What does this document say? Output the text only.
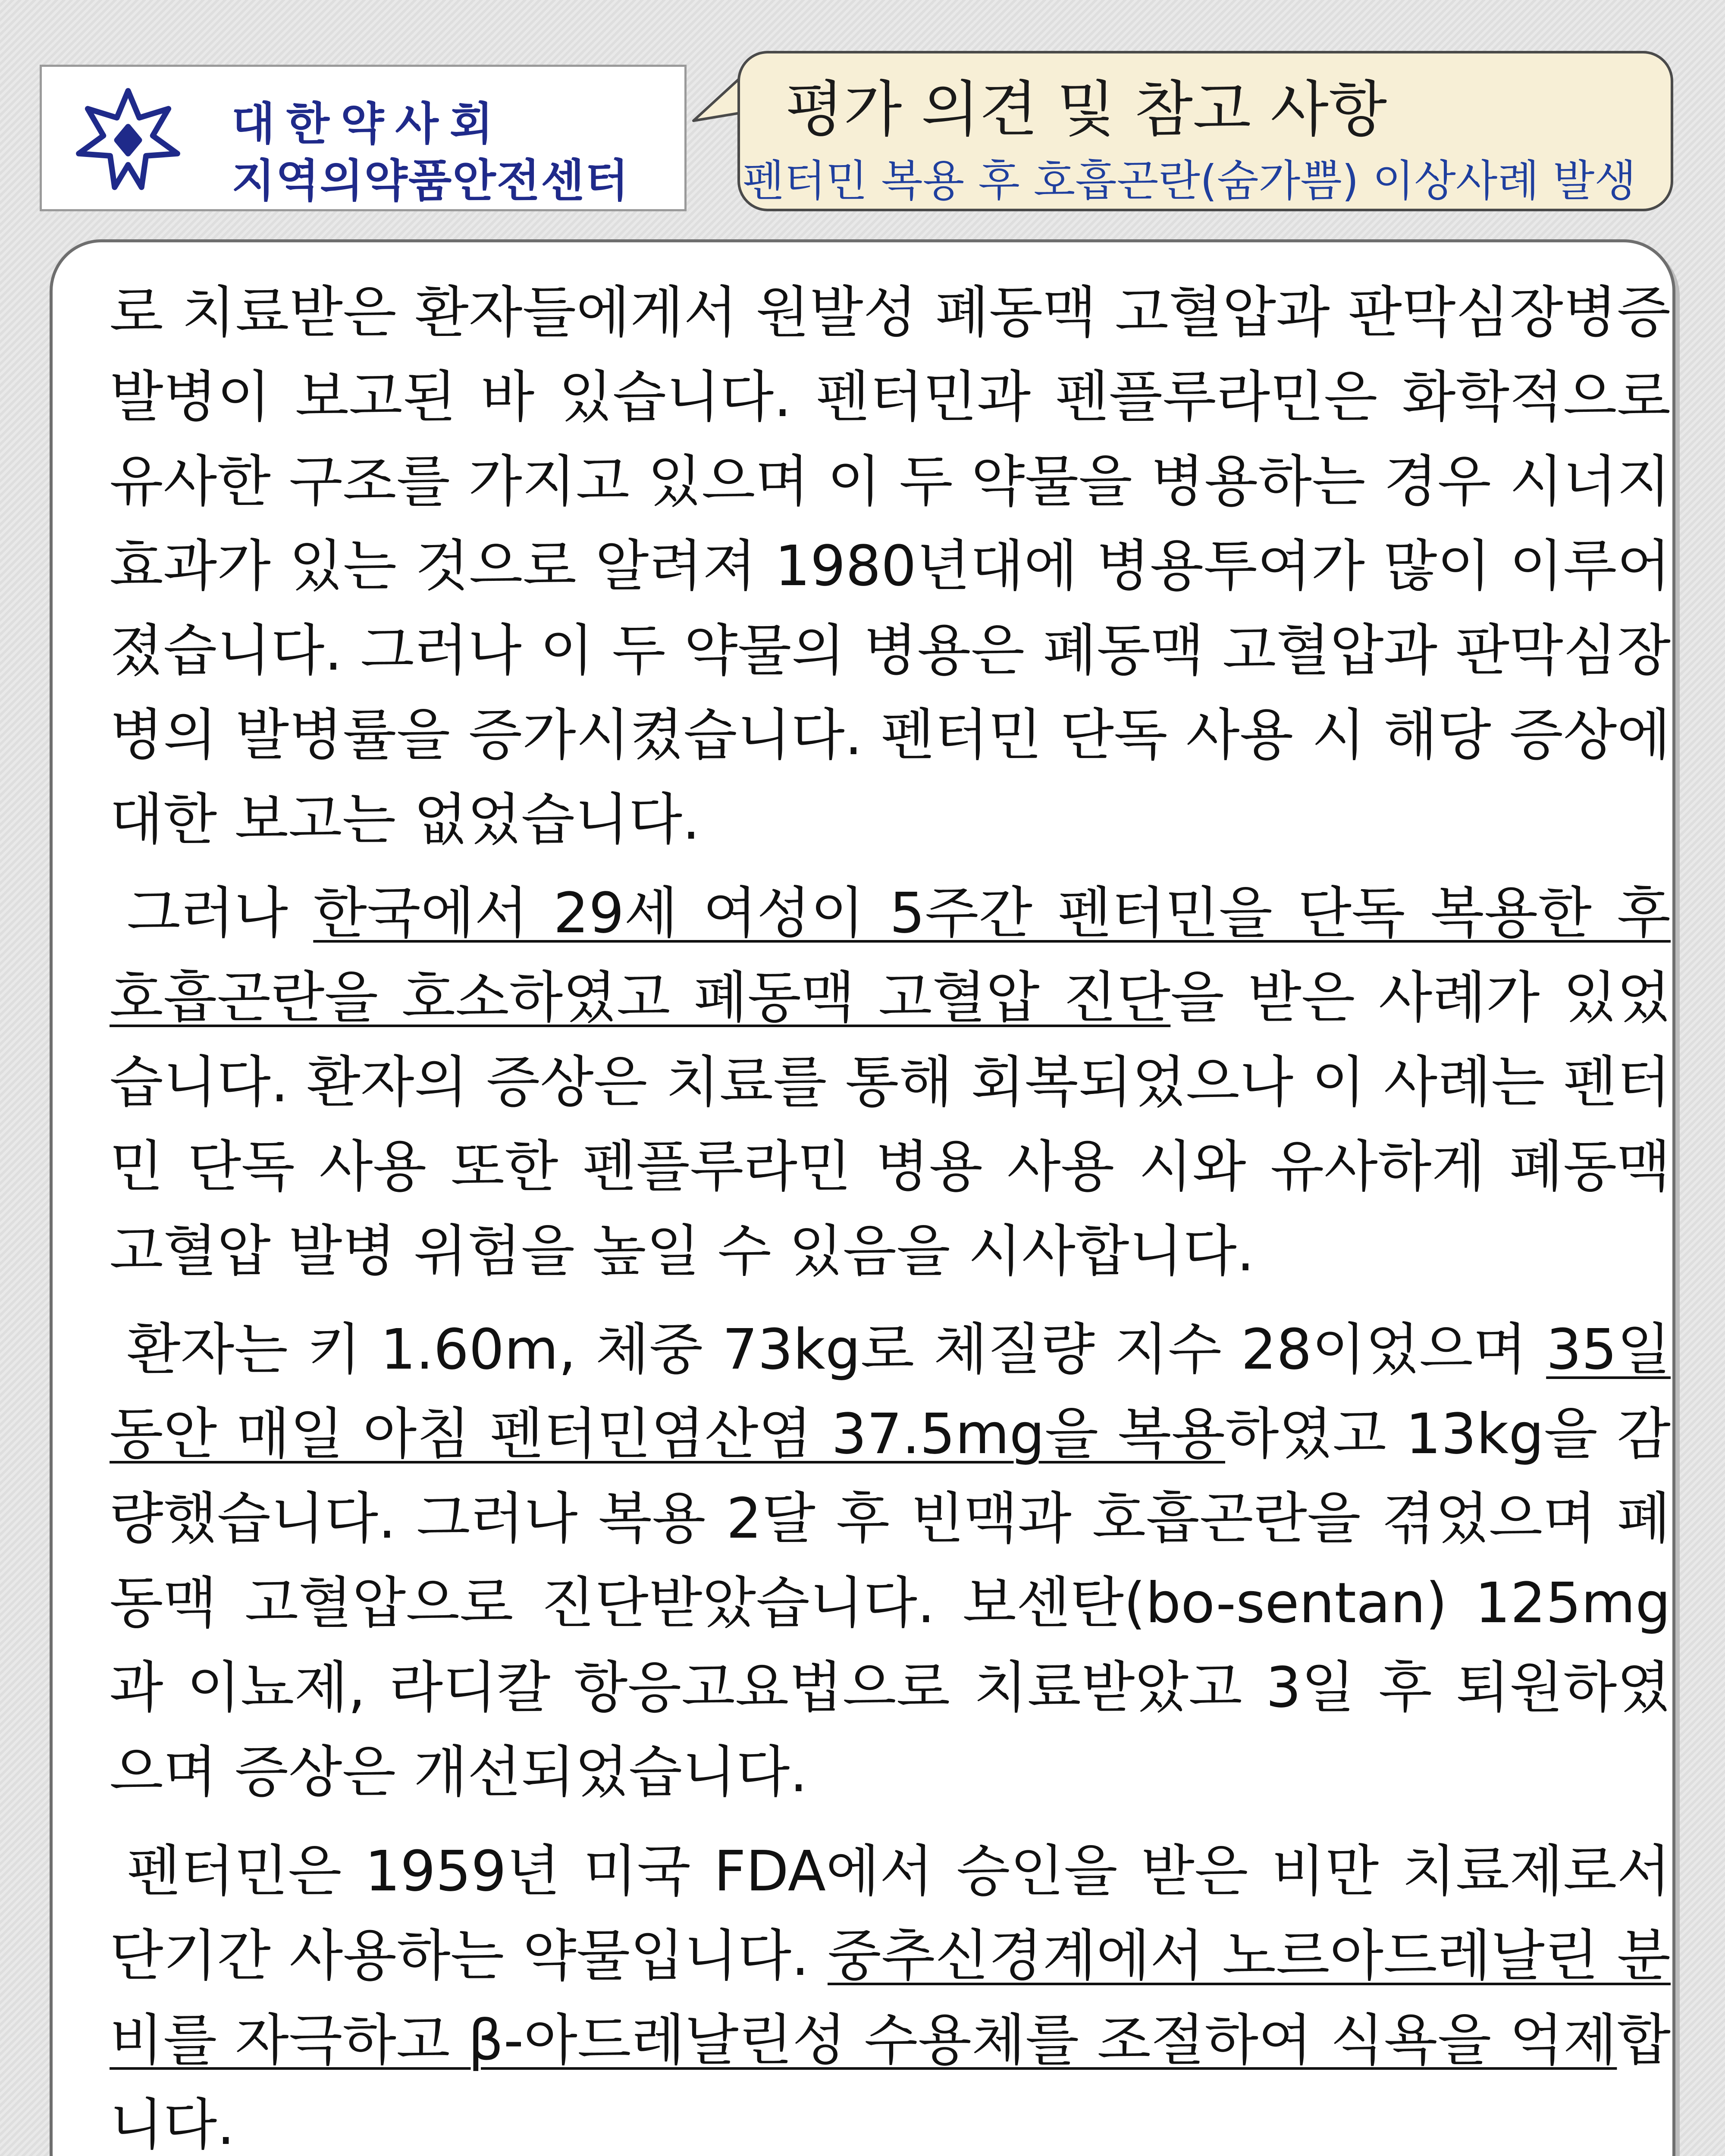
대한약사회
지역의약품안전센터
평가 의견 및 참고 사항
펜터민 복용 후 호흡곤란(숨가쁨) 이상사례 발생
로 치료받은 환자들에게서 원발성 폐동맥 고혈압과 판막심장병증 발병이 보고된 바 있습니다. 펜터민과 펜플루라민은 화학적으로 유사한 구조를 가지고 있으며 이 두 약물을 병용하는 경우 시너지 효과가 있는 것으로 알려져 1980년대에 병용투여가 많이 이루어졌습니다. 그러나 이 두 약물의 병용은 폐동맥 고혈압과 판막심장병의 발병률을 증가시켰습니다. 펜터민 단독 사용 시 해당 증상에 대한 보고는 없었습니다.
그러나 한국에서 29세 여성이 5주간 펜터민을 단독 복용한 후 호흡곤란을 호소하였고 폐동맥 고혈압 진단을 받은 사례가 있었습니다. 환자의 증상은 치료를 통해 회복되었으나 이 사례는 펜터민 단독 사용 또한 펜플루라민 병용 사용 시와 유사하게 폐동맥 고혈압 발병 위험을 높일 수 있음을 시사합니다.
환자는 키 1.60m, 체중 73kg로 체질량 지수 28이었으며 35일 동안 매일 아침 펜터민염산염 37.5mg을 복용하였고 13kg을 감량했습니다. 그러나 복용 2달 후 빈맥과 호흡곤란을 겪었으며 폐동맥 고혈압으로 진단받았습니다. 보센탄(bo-sentan) 125mg과 이뇨제, 라디칼 항응고요법으로 치료받았고 3일 후 퇴원하였으며 증상은 개선되었습니다.
펜터민은 1959년 미국 FDA에서 승인을 받은 비만 치료제로서 단기간 사용하는 약물입니다. 중추신경계에서 노르아드레날린 분비를 자극하고 β-아드레날린성 수용체를 조절하여 식욕을 억제합니다.
